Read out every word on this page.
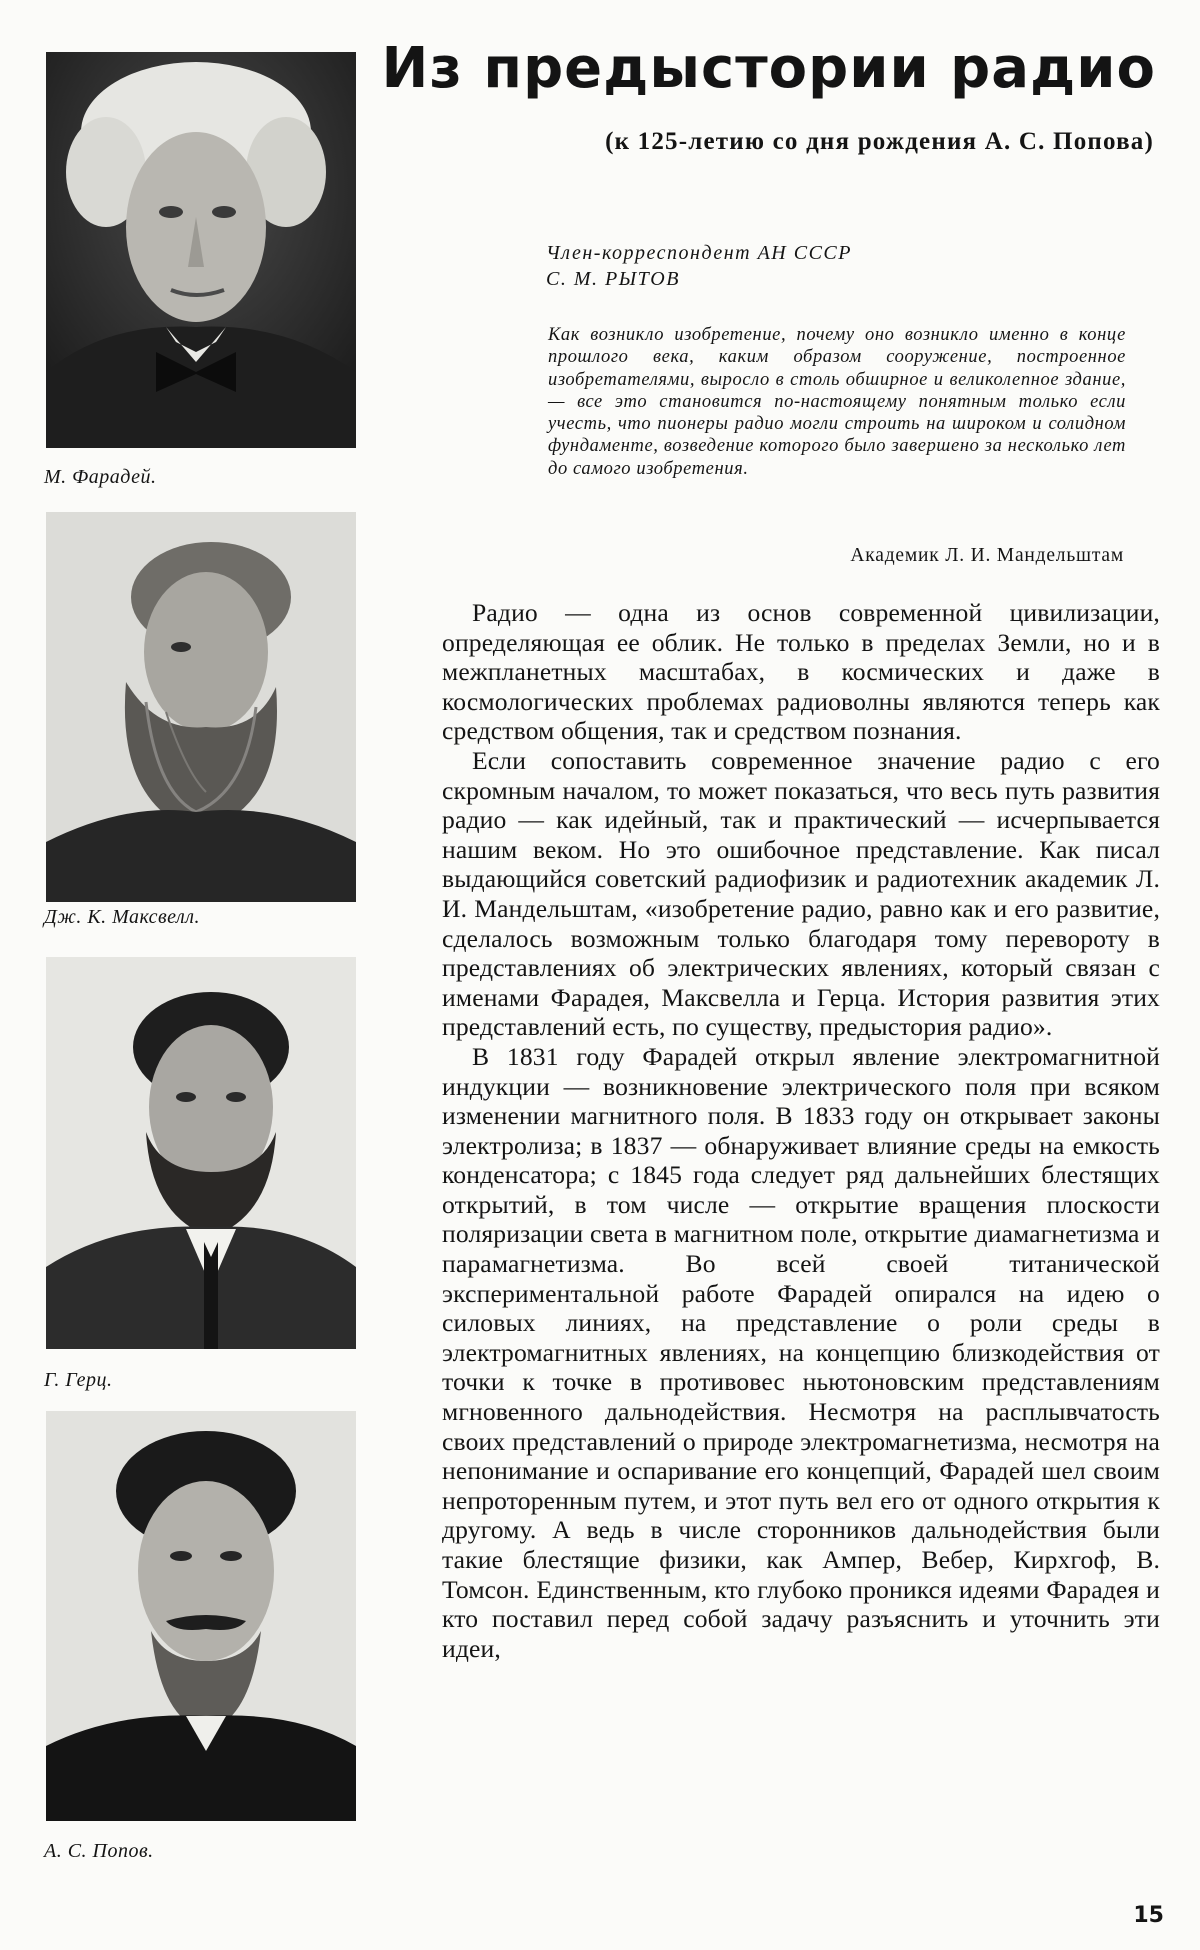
М. Фарадей.
Дж. К. Максвелл.
Г. Герц.
А. С. Попов.
Из предыстории радио
(к 125-летию со дня рождения А. С. Попова)
Член-корреспондент АН СССР
С. М. РЫТОВ

Как возникло изобретение, почему оно возникло именно в конце прошлого века, каким образом сооружение, построенное изобретателями, выросло в столь обширное и великолепное здание,— все это становится по-настоящему понятным только если учесть, что пионеры радио могли строить на широком и солидном фундаменте, возведение которого было завершено за несколько лет до самого изобретения.

Академик Л. И. Мандельштам

Радио — одна из основ современной цивилизации, определяющая ее облик. Не только в пределах Земли, но и в межпланетных масштабах, в космических и даже в космологических проблемах радиоволны являются теперь как средством общения, так и средством познания.

Если сопоставить современное значение радио с его скромным началом, то может показаться, что весь путь развития радио — как идейный, так и практический — исчерпывается нашим веком. Но это ошибочное представление. Как писал выдающийся советский радиофизик и радиотехник академик Л. И. Мандельштам, «изобретение радио, равно как и его развитие, сделалось возможным только благодаря тому перевороту в представлениях об электрических явлениях, который связан с именами Фарадея, Максвелла и Герца. История развития этих представлений есть, по существу, предыстория радио».

В 1831 году Фарадей открыл явление электромагнитной индукции — возникновение электрического поля при всяком изменении магнитного поля. В 1833 году он открывает законы электролиза; в 1837 — обнаруживает влияние среды на емкость конденсатора; с 1845 года следует ряд дальнейших блестящих открытий, в том числе — открытие вращения плоскости поляризации света в магнитном поле, открытие диамагнетизма и парамагнетизма. Во всей своей титанической экспериментальной работе Фарадей опирался на идею о силовых линиях, на представление о роли среды в электромагнитных явлениях, на концепцию близкодействия от точки к точке в противовес ньютоновским представлениям мгновенного дальнодействия. Несмотря на расплывчатость своих представлений о природе электромагнетизма, несмотря на непонимание и оспаривание его концепций, Фарадей шел своим непроторенным путем, и этот путь вел его от одного открытия к другому. А ведь в числе сторонников дальнодействия были такие блестящие физики, как Ампер, Вебер, Кирхгоф, В. Томсон. Единственным, кто глубоко проникся идеями Фарадея и кто поставил перед собой задачу разъяснить и уточнить эти идеи,

15
